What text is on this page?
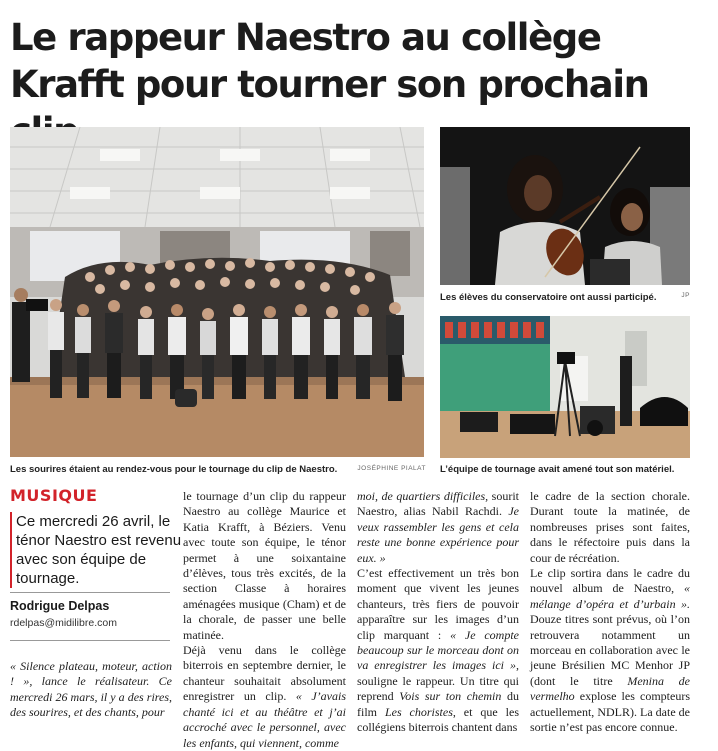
Le rappeur Naestro au collège Krafft pour tourner son prochain
Les élèves du conservatoire ont aussi participé.	JP
L’équipe de tournage avait amené tout son matériel.
Les sourires étaient au rendez-vous pour le tournage du clip de Naestro.	JOSÉPHINE PIALAT
MUSIQUE
Ce mercredi 26 avril, le ténor Naestro est revenu avec son équipe de tournage.
Rodrigue Delpas
rdelpas@midilibre.com
« Silence plateau, moteur, action ! », lance le réalisateur. Ce mercredi 26 mars, il y a des rires, des sourires, et des chants, pour

le tournage d’un clip du rappeur Naestro au collège Maurice et Katia Krafft, à Béziers. Venu avec toute son équipe, le ténor permet à une soixantaine d’élèves, tous très excités, de la section Classe à horaires aménagées musique (Cham) et de la chorale, de passer une belle matinée.

Déjà venu dans le collège biterrois en septembre dernier, le chanteur souhaitait absolument enregistrer un clip. « J’avais chanté ici et au théâtre et j’ai accroché avec le personnel, avec les enfants, qui viennent, comme

moi, de quartiers difficiles, sourit Naestro, alias Nabil Rachdi. Je veux rassembler les gens et cela reste une bonne expérience pour eux. »

C’est effectivement un très bon moment que vivent les jeunes chanteurs, très fiers de pouvoir apparaître sur les images d’un clip marquant : « Je compte beaucoup sur le morceau dont on va enregistrer les images ici », souligne le rappeur. Un titre qui reprend Vois sur ton chemin du film Les choristes, et que les collégiens biterrois chantent dans

le cadre de la section chorale. Durant toute la matinée, de nombreuses prises sont faites, dans le réfectoire puis dans la cour de récréation.

Le clip sortira dans le cadre du nouvel album de Naestro, « mélange d’opéra et d’urbain ». Douze titres sont prévus, où l’on retrouvera notamment un morceau en collaboration avec le jeune Brésilien MC Menhor JP (dont le titre Menina de vermelho explose les compteurs actuellement, NDLR). La date de sortie n’est pas encore connue.
